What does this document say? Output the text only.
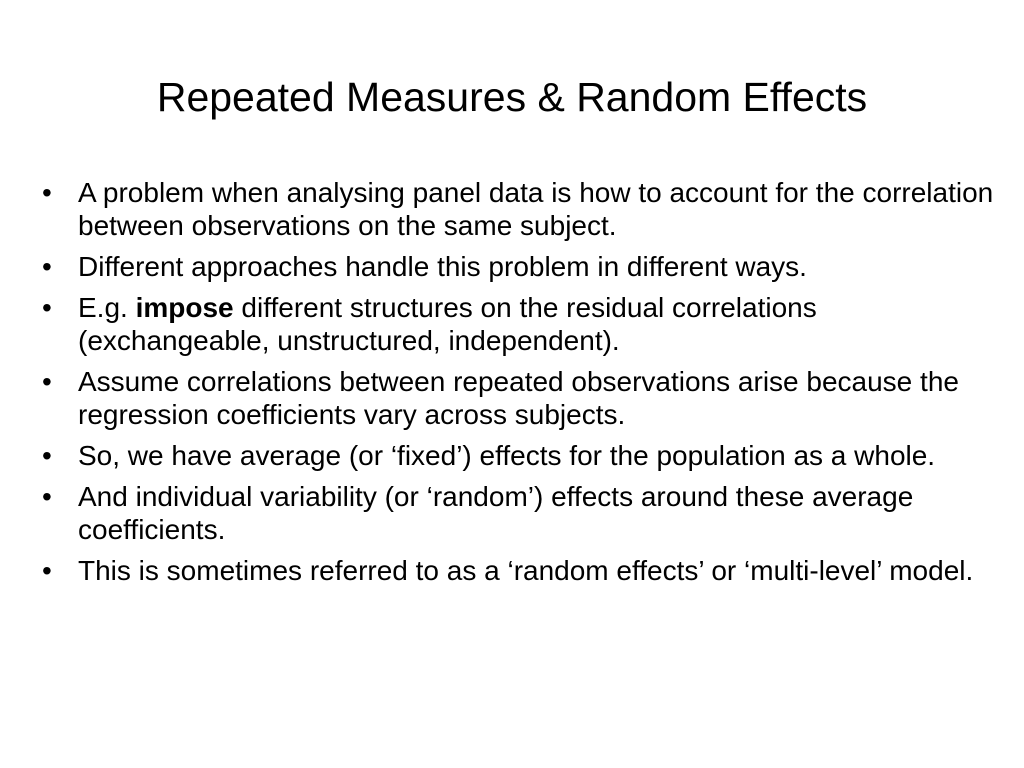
Repeated Measures & Random Effects
• A problem when analysing panel data is how to account for the correlation between observations on the same subject.
• Different approaches handle this problem in different ways.
• E.g. impose different structures on the residual correlations (exchangeable, unstructured, independent).
• Assume correlations between repeated observations arise because the regression coefficients vary across subjects.
• So, we have average (or ‘fixed’) effects for the population as a whole.
• And individual variability (or ‘random’) effects around these average coefficients.
• This is sometimes referred to as a ‘random effects’ or ‘multi-level’ model.
